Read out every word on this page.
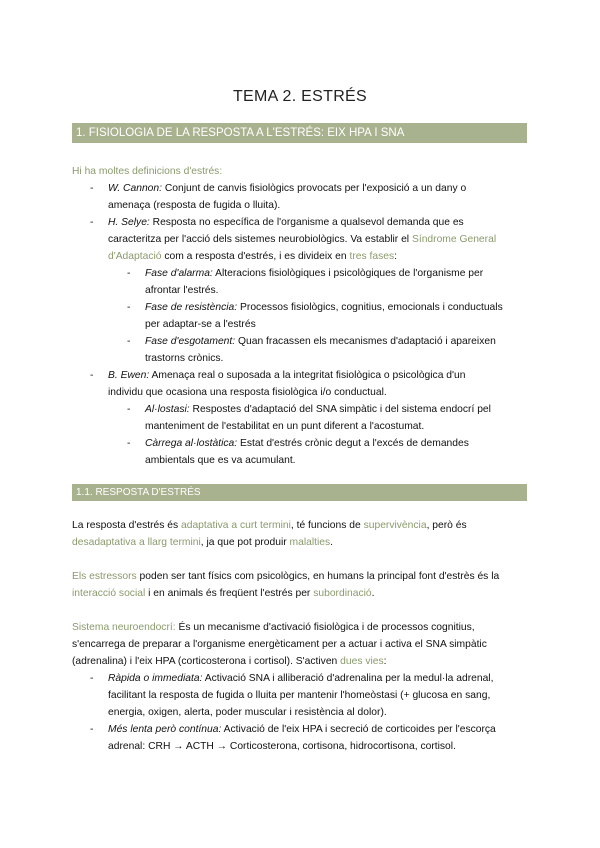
TEMA 2. ESTRÉS
1. FISIOLOGIA DE LA RESPOSTA A L'ESTRÉS: EIX HPA I SNA
Hi ha moltes definicions d'estrés:
-	W. Cannon: Conjunt de canvis fisiològics provocats per l'exposició a un dany o
amenaça (resposta de fugida o lluita).
-	H. Selye: Resposta no específica de l'organisme a qualsevol demanda que es
caracteritza per l'acció dels sistemes neurobiològics. Va establir el Síndrome General
d'Adaptació com a resposta d'estrés, i es divideix en tres fases:
-	Fase d'alarma: Alteracions fisiològiques i psicològiques de l'organisme per
afrontar l'estrés.
-	Fase de resistència: Processos fisiològics, cognitius, emocionals i conductuals
per adaptar-se a l'estrés
-	Fase d'esgotament: Quan fracassen els mecanismes d'adaptació i apareixen
trastorns crònics.
-	B. Ewen: Amenaça real o suposada a la integritat fisiològica o psicològica d'un
individu que ocasiona una resposta fisiològica i/o conductual.
-	Al·lostasi: Respostes d'adaptació del SNA simpàtic i del sistema endocrí pel
manteniment de l'estabilitat en un punt diferent a l'acostumat.
-	Càrrega al·lostàtica: Estat d'estrés crònic degut a l'excés de demandes
ambientals que es va acumulant.
1.1. RESPOSTA D'ESTRÉS
La resposta d'estrés és adaptativa a curt termini, té funcions de supervivència, però és
desadaptativa a llarg termini, ja que pot produir malalties.
Els estressors poden ser tant físics com psicològics, en humans la principal font d'estrès és la
interacció social i en animals és freqüent l'estrés per subordinació.
Sistema neuroendocrí: És un mecanisme d'activació fisiològica i de processos cognitius,
s'encarrega de preparar a l'organisme energèticament per a actuar i activa el SNA simpàtic
(adrenalina) i l'eix HPA (corticosterona i cortisol). S'activen dues vies:
-	Ràpida o immediata: Activació SNA i alliberació d'adrenalina per la medul·la adrenal,
facilitant la resposta de fugida o lluita per mantenir l'homeòstasi (+ glucosa en sang,
energia, oxigen, alerta, poder muscular i resistència al dolor).
-	Més lenta però contínua: Activació de l'eix HPA i secreció de corticoides per l'escorça
adrenal: CRH → ACTH → Corticosterona, cortisona, hidrocortisona, cortisol.
